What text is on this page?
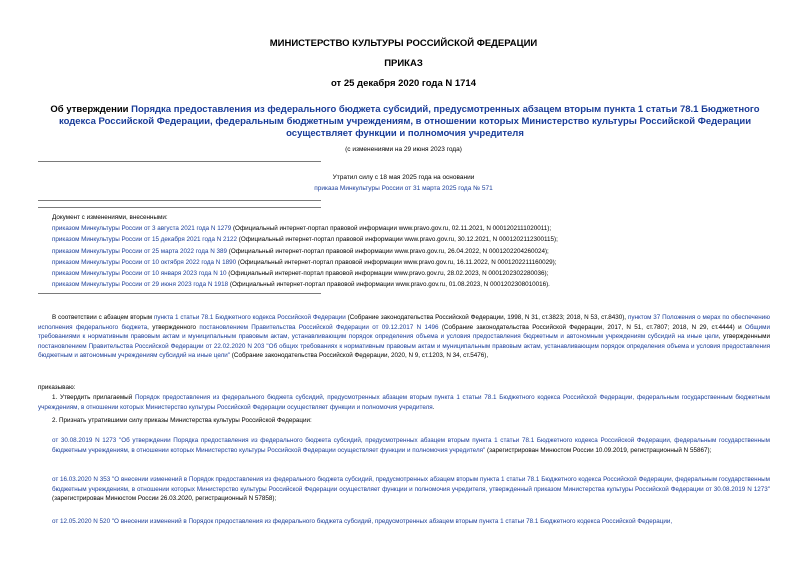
МИНИСТЕРСТВО КУЛЬТУРЫ РОССИЙСКОЙ ФЕДЕРАЦИИ
ПРИКАЗ
от 25 декабря 2020 года N 1714
Об утверждении Порядка предоставления из федерального бюджета субсидий, предусмотренных абзацем вторым пункта 1 статьи 78.1 Бюджетного кодекса Российской Федерации, федеральным бюджетным учреждениям, в отношении которых Министерство культуры Российской Федерации осуществляет функции и полномочия учредителя
(с изменениями на 29 июня 2023 года)
Утратил силу с 18 мая 2025 года на основании
приказа Минкультуры России от 31 марта 2025 года № 571
Документ с изменениями, внесенными:
приказом Минкультуры России от 3 августа 2021 года N 1279 (Официальный интернет-портал правовой информации www.pravo.gov.ru, 02.11.2021, N 0001202111020011);
приказом Минкультуры России от 15 декабря 2021 года N 2122 (Официальный интернет-портал правовой информации www.pravo.gov.ru, 30.12.2021, N 0001202112300115);
приказом Минкультуры России от 25 марта 2022 года N 389 (Официальный интернет-портал правовой информации www.pravo.gov.ru, 26.04.2022, N 0001202204260024);
приказом Минкультуры России от 10 октября 2022 года N 1890 (Официальный интернет-портал правовой информации www.pravo.gov.ru, 16.11.2022, N 0001202211160029);
приказом Минкультуры России от 10 января 2023 года N 10 (Официальный интернет-портал правовой информации www.pravo.gov.ru, 28.02.2023, N 0001202302280036);
приказом Минкультуры России от 29 июня 2023 года N 1918 (Официальный интернет-портал правовой информации www.pravo.gov.ru, 01.08.2023, N 0001202308010016).
В соответствии с абзацем вторым пункта 1 статьи 78.1 Бюджетного кодекса Российской Федерации (Собрание законодательства Российской Федерации, 1998, N 31, ст.3823; 2018, N 53, ст.8430), пунктом 37 Положения о мерах по обеспечению исполнения федерального бюджета, утвержденного постановлением Правительства Российской Федерации от 09.12.2017 N 1496 (Собрание законодательства Российской Федерации, 2017, N 51, ст.7807; 2018, N 29, ст.4444) и Общими требованиями к нормативным правовым актам и муниципальным правовым актам, устанавливающим порядок определения объема и условия предоставления бюджетным и автономным учреждениям субсидий на иные цели, утвержденными постановлением Правительства Российской Федерации от 22.02.2020 N 203 "Об общих требованиях к нормативным правовым актам и муниципальным правовым актам, устанавливающим порядок определения объема и условия предоставления бюджетным и автономным учреждениям субсидий на иные цели" (Собрание законодательства Российской Федерации, 2020, N 9, ст.1203, N 34, ст.5476),
приказываю:
1. Утвердить прилагаемый Порядок предоставления из федерального бюджета субсидий, предусмотренных абзацем вторым пункта 1 статьи 78.1 Бюджетного кодекса Российской Федерации, федеральным государственным бюджетным учреждениям, в отношении которых Министерство культуры Российской Федерации осуществляет функции и полномочия учредителя.
2. Признать утратившими силу приказы Министерства культуры Российской Федерации:
от 30.08.2019 N 1273 "Об утверждении Порядка предоставления из федерального бюджета субсидий, предусмотренных абзацем вторым пункта 1 статьи 78.1 Бюджетного кодекса Российской Федерации, федеральным государственным бюджетным учреждениям, в отношении которых Министерство культуры Российской Федерации осуществляет функции и полномочия учредителя" (зарегистрирован Минюстом России 10.09.2019, регистрационный N 55867);
от 16.03.2020 N 353 "О внесении изменений в Порядок предоставления из федерального бюджета субсидий, предусмотренных абзацем вторым пункта 1 статьи 78.1 Бюджетного кодекса Российской Федерации, федеральным государственным бюджетным учреждениям, в отношении которых Министерство культуры Российской Федерации осуществляет функции и полномочия учредителя, утвержденный приказом Министерства культуры Российской Федерации от 30.08.2019 N 1273" (зарегистрирован Минюстом России 26.03.2020, регистрационный N 57858);
от 12.05.2020 N 520 "О внесении изменений в Порядок предоставления из федерального бюджета субсидий, предусмотренных абзацем вторым пункта 1 статьи 78.1 Бюджетного кодекса Российской Федерации,
